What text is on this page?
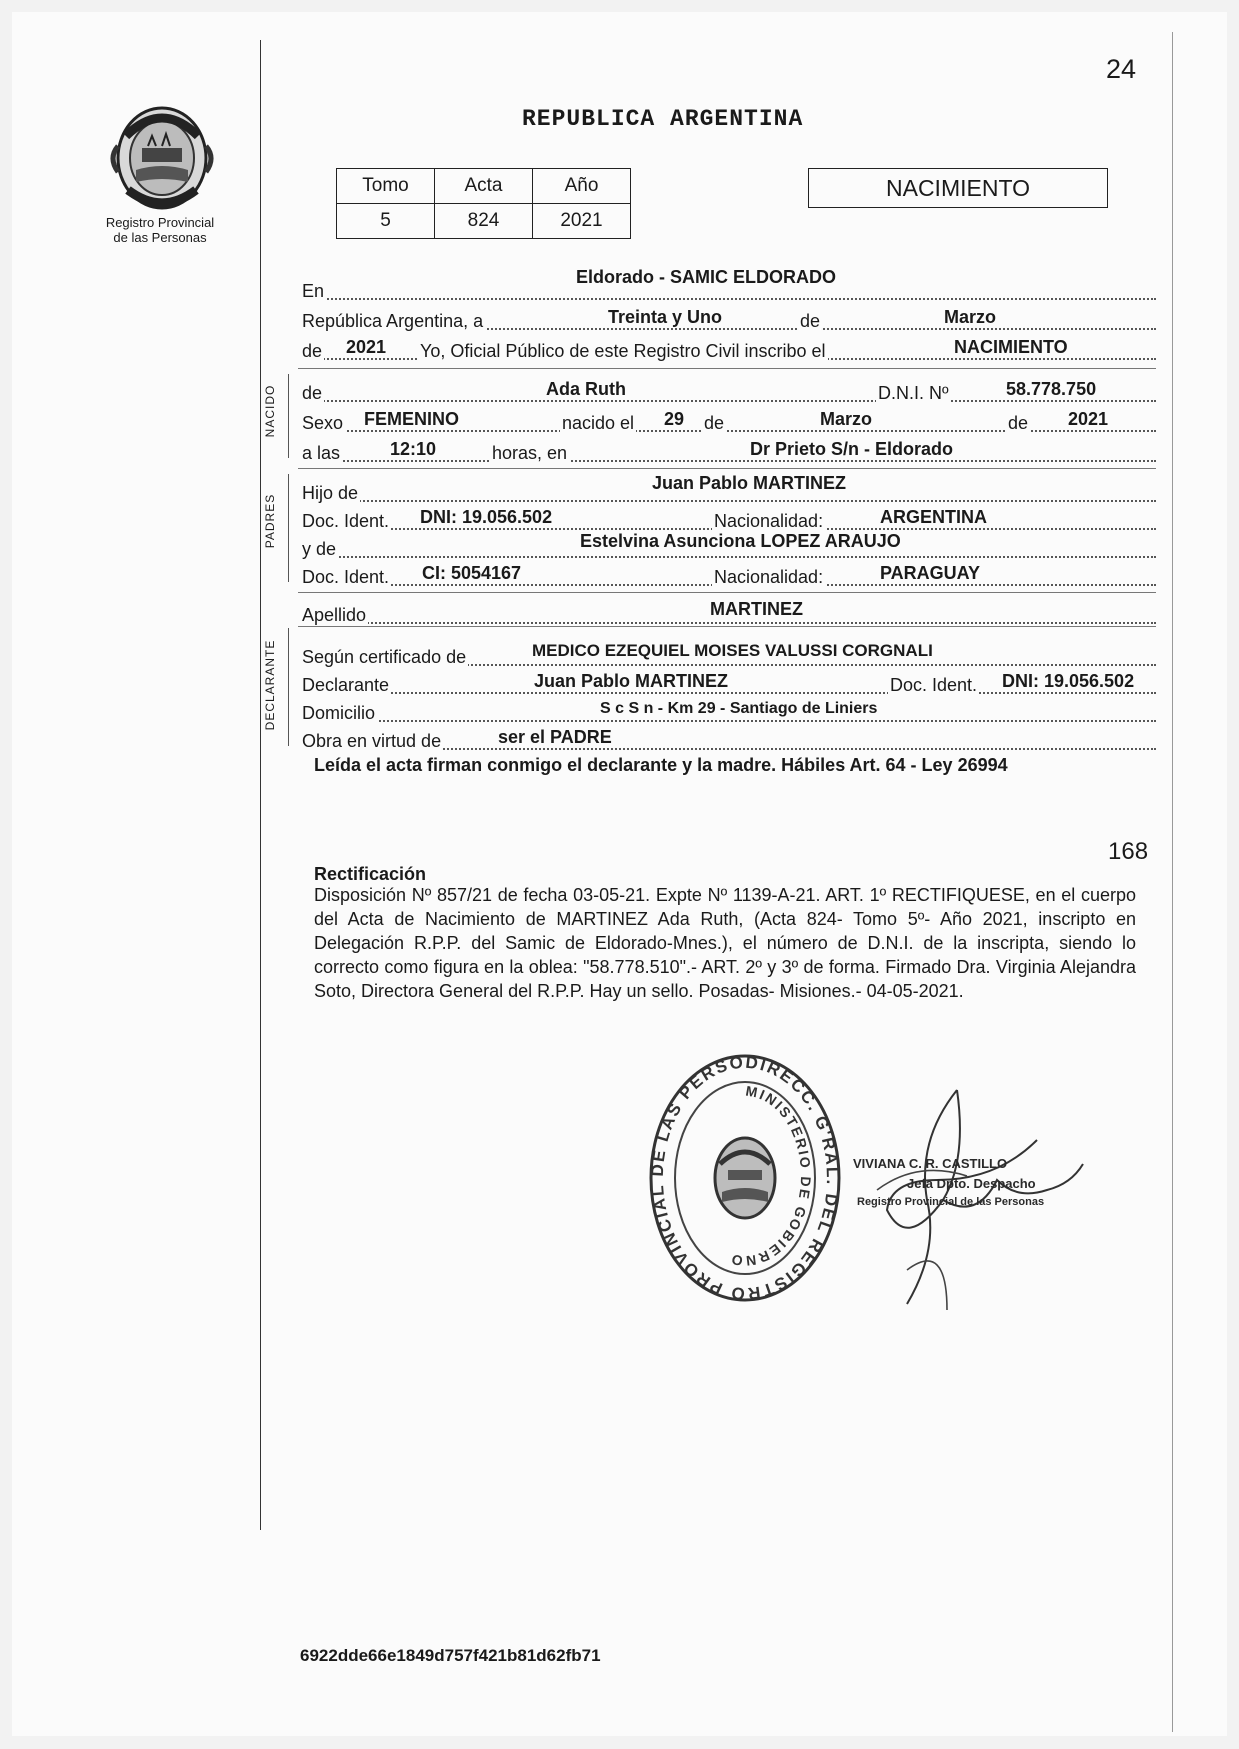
24
Registro Provincial
de las Personas
REPUBLICA ARGENTINA
Tomo	Acta	Año
5	824	2021
NACIMIENTO
NACIDO
PADRES
DECLARANTE
En
Eldorado - SAMIC ELDORADO
República Argentina, a	Treinta y Uno	de	Marzo
de 2021 Yo, Oficial Público de este Registro Civil inscribo el	NACIMIENTO
de	Ada Ruth	D.N.I. Nº	58.778.750
Sexo FEMENINO	nacido el 29 de	Marzo	de 2021
a las	12:10	horas, en	Dr Prieto S/n - Eldorado
Hijo de	Juan Pablo MARTINEZ
Doc. Ident. DNI: 19.056.502	Nacionalidad:	ARGENTINA
y de	Estelvina Asunciona LOPEZ ARAUJO
Doc. Ident. CI: 5054167	Nacionalidad:	PARAGUAY
Apellido	MARTINEZ
Según certificado de	MEDICO EZEQUIEL MOISES VALUSSI CORGNALI
Declarante	Juan Pablo MARTINEZ	Doc. Ident. DNI: 19.056.502
Domicilio	S c S n - Km 29 - Santiago de Liniers
Obra en virtud de	ser el PADRE
Leída el acta firman conmigo el declarante y la madre. Hábiles Art. 64 - Ley 26994
168
Rectificación
Disposición Nº 857/21 de fecha 03-05-21. Expte Nº 1139-A-21. ART. 1º RECTIFIQUESE, en el cuerpo del Acta de Nacimiento de MARTINEZ Ada Ruth, (Acta 824- Tomo 5º- Año 2021, inscripto en Delegación R.P.P. del Samic de Eldorado-Mnes.), el número de D.N.I. de la inscripta, siendo lo correcto como figura en la oblea: "58.778.510".- ART. 2º y 3º de forma. Firmado Dra. Virginia Alejandra Soto, Directora General del R.P.P. Hay un sello. Posadas- Misiones.- 04-05-2021.
DIRECC. G'RAL. DEL REGISTRO PROVINCIAL DE LAS PERSO
MINISTERIO DE GOBIERNO
VIVIANA C. R. CASTILLO
Jefa Dpto. Despacho
Registro Provincial de las Personas
6922dde66e1849d757f421b81d62fb71
